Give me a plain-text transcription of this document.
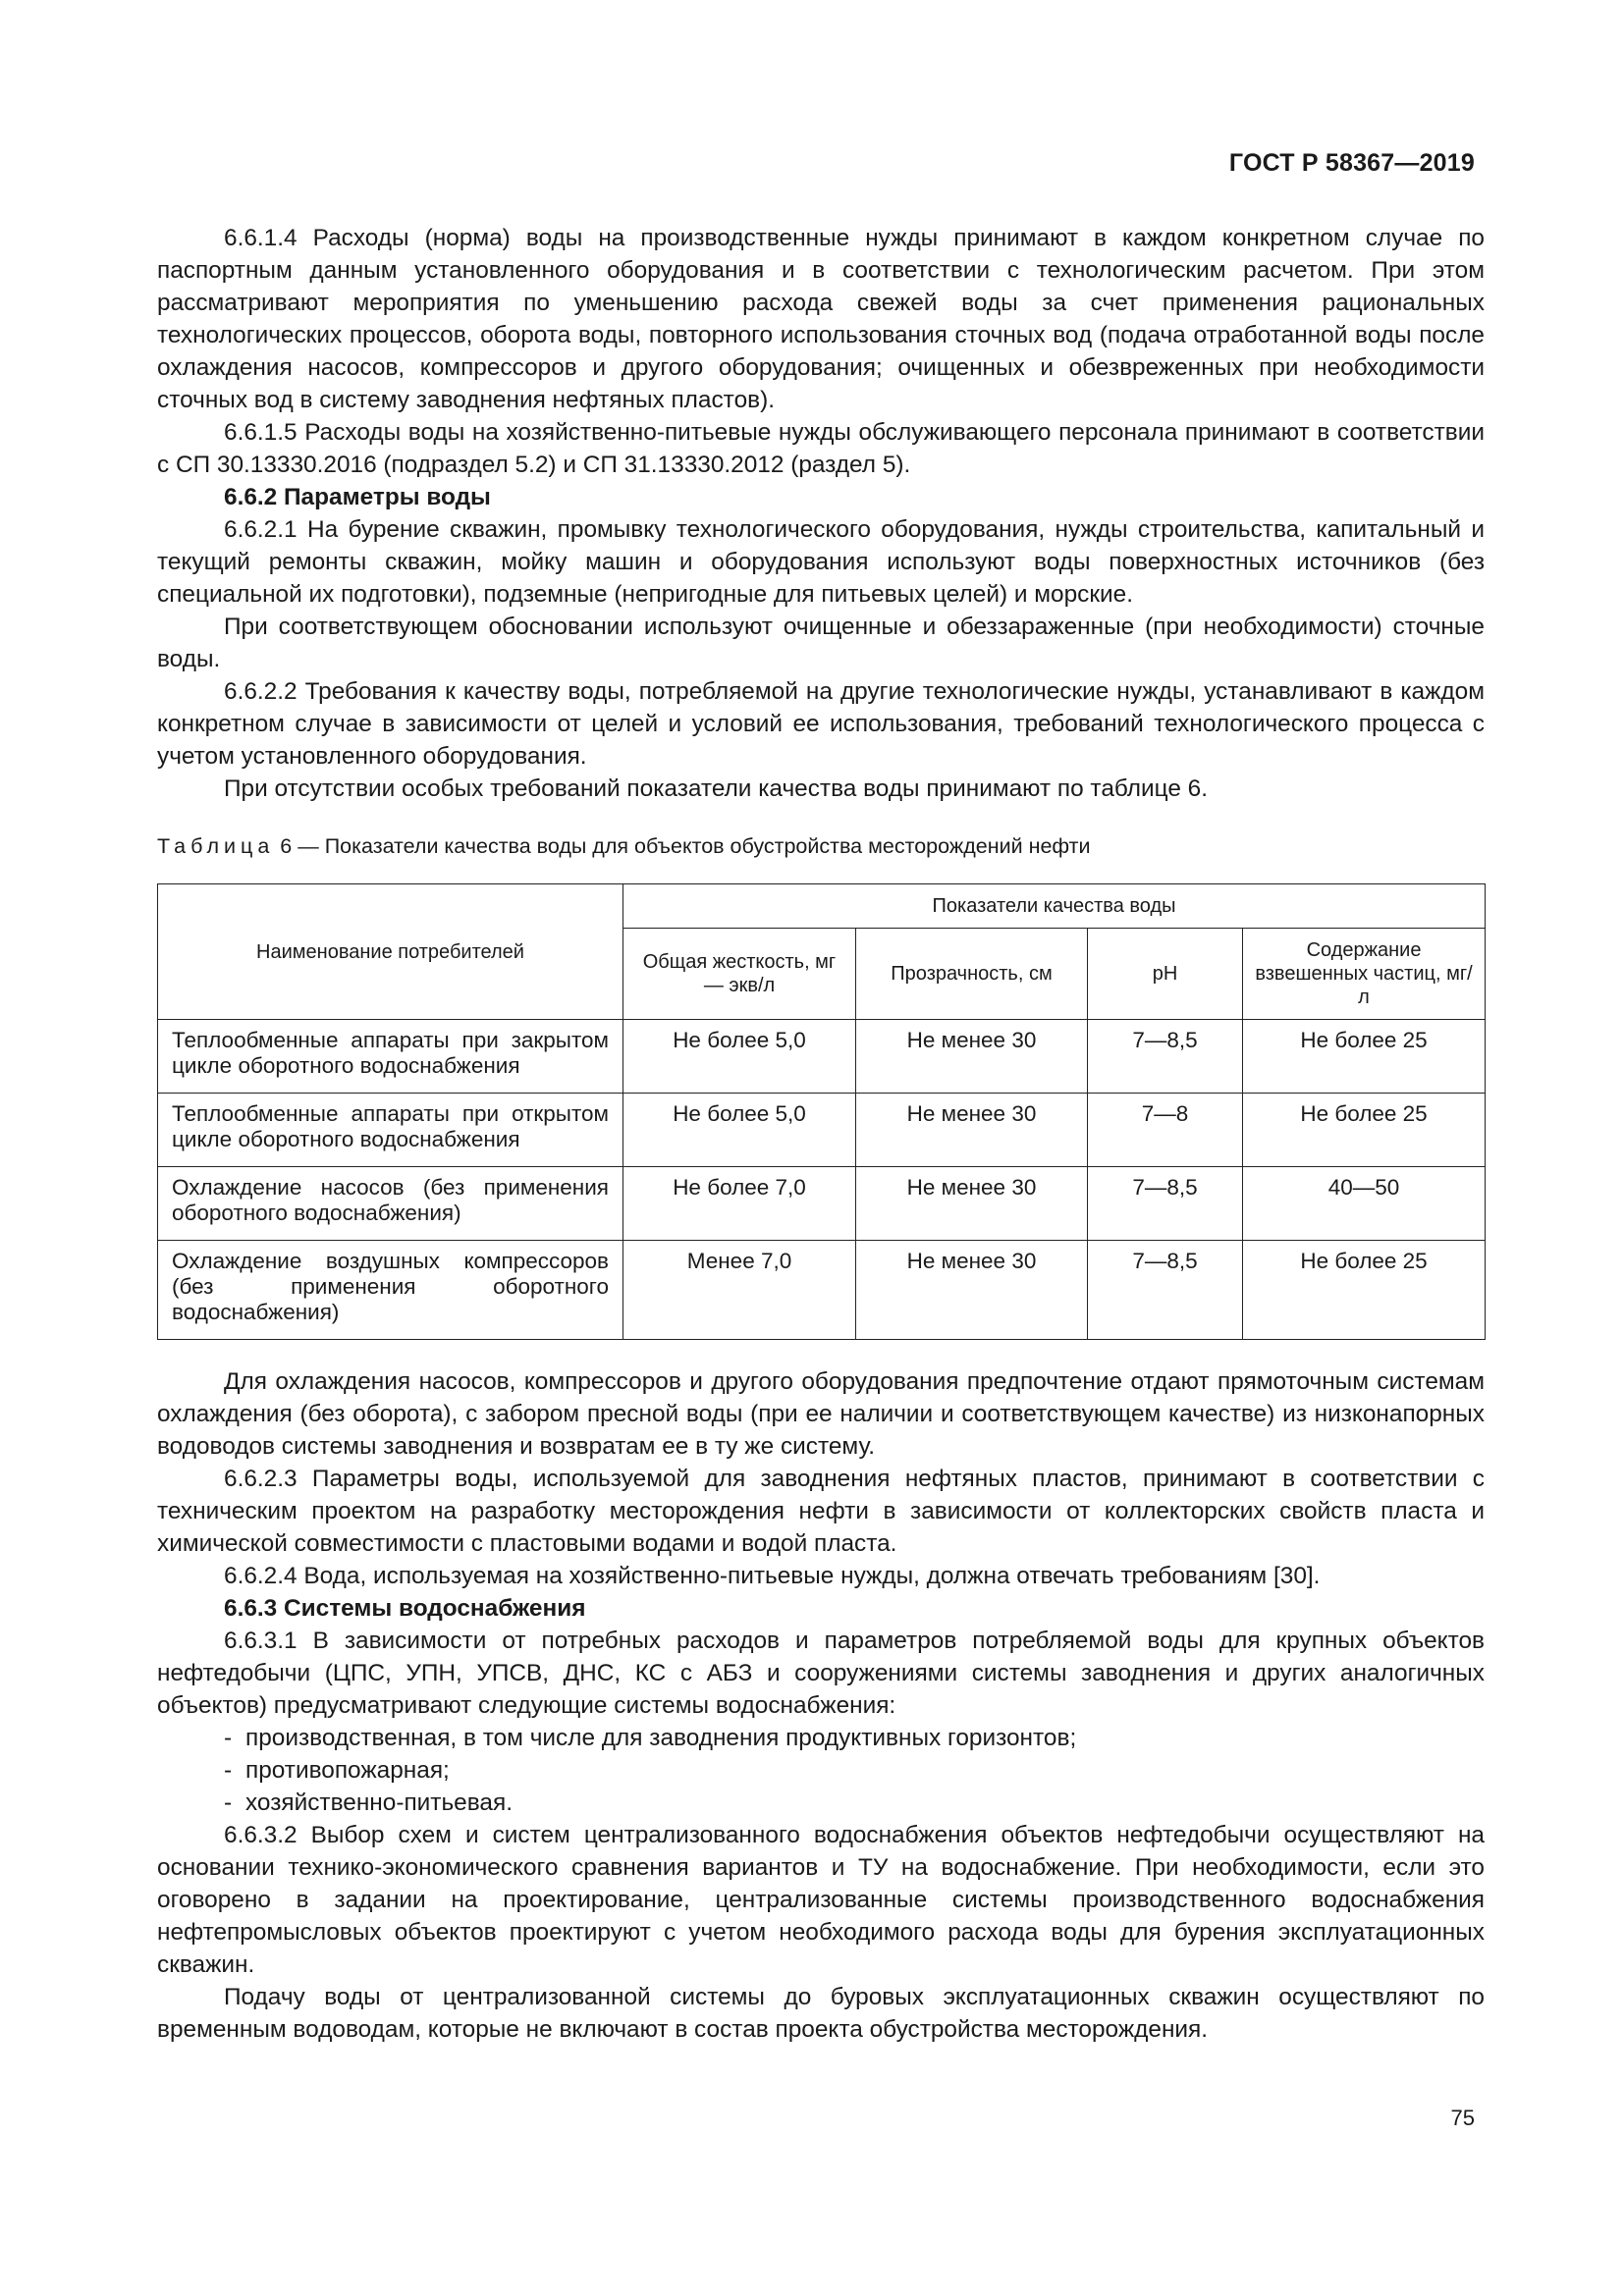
ГОСТ Р 58367—2019

6.6.1.4 Расходы (норма) воды на производственные нужды принимают в каждом конкретном случае по паспортным данным установленного оборудования и в соответствии с технологическим расчетом. При этом рассматривают мероприятия по уменьшению расхода свежей воды за счет применения рациональных технологических процессов, оборота воды, повторного использования сточных вод (подача отработанной воды после охлаждения насосов, компрессоров и другого оборудования; очищенных и обезвреженных при необходимости сточных вод в систему заводнения нефтяных пластов).

6.6.1.5 Расходы воды на хозяйственно-питьевые нужды обслуживающего персонала принимают в соответствии с СП 30.13330.2016 (подраздел 5.2) и СП 31.13330.2012 (раздел 5).

6.6.2 Параметры воды

6.6.2.1 На бурение скважин, промывку технологического оборудования, нужды строительства, капитальный и текущий ремонты скважин, мойку машин и оборудования используют воды поверхностных источников (без специальной их подготовки), подземные (непригодные для питьевых целей) и морские.

При соответствующем обосновании используют очищенные и обеззараженные (при необходимости) сточные воды.

6.6.2.2 Требования к качеству воды, потребляемой на другие технологические нужды, устанавливают в каждом конкретном случае в зависимости от целей и условий ее использования, требований технологического процесса с учетом установленного оборудования.

При отсутствии особых требований показатели качества воды принимают по таблице 6.

Таблица 6 — Показатели качества воды для объектов обустройства месторождений нефти

Наименование потребителей	Показатели качества воды			
	Общая жесткость, мг — экв/л	Прозрачность, см	pH	Содержание взвешенных частиц, мг/л
Теплообменные аппараты при закрытом цикле оборотного водоснабжения	Не более 5,0	Не менее 30	7—8,5	Не более 25
Теплообменные аппараты при открытом цикле оборотного водоснабжения	Не более 5,0	Не менее 30	7—8	Не более 25
Охлаждение насосов (без применения оборотного водоснабжения)	Не более 7,0	Не менее 30	7—8,5	40—50
Охлаждение воздушных компрессоров (без применения оборотного водоснабжения)	Менее 7,0	Не менее 30	7—8,5	Не более 25

Для охлаждения насосов, компрессоров и другого оборудования предпочтение отдают прямоточным системам охлаждения (без оборота), с забором пресной воды (при ее наличии и соответствующем качестве) из низконапорных водоводов системы заводнения и возвратам ее в ту же систему.

6.6.2.3 Параметры воды, используемой для заводнения нефтяных пластов, принимают в соответствии с техническим проектом на разработку месторождения нефти в зависимости от коллекторских свойств пласта и химической совместимости с пластовыми водами и водой пласта.

6.6.2.4 Вода, используемая на хозяйственно-питьевые нужды, должна отвечать требованиям [30].

6.6.3 Системы водоснабжения

6.6.3.1 В зависимости от потребных расходов и параметров потребляемой воды для крупных объектов нефтедобычи (ЦПС, УПН, УПСВ, ДНС, КС с АБЗ и сооружениями системы заводнения и других аналогичных объектов) предусматривают следующие системы водоснабжения:

- производственная, в том числе для заводнения продуктивных горизонтов;

- противопожарная;

- хозяйственно-питьевая.

6.6.3.2 Выбор схем и систем централизованного водоснабжения объектов нефтедобычи осуществляют на основании технико-экономического сравнения вариантов и ТУ на водоснабжение. При необходимости, если это оговорено в задании на проектирование, централизованные системы производственного водоснабжения нефтепромысловых объектов проектируют с учетом необходимого расхода воды для бурения эксплуатационных скважин.

Подачу воды от централизованной системы до буровых эксплуатационных скважин осуществляют по временным водоводам, которые не включают в состав проекта обустройства месторождения.

75
